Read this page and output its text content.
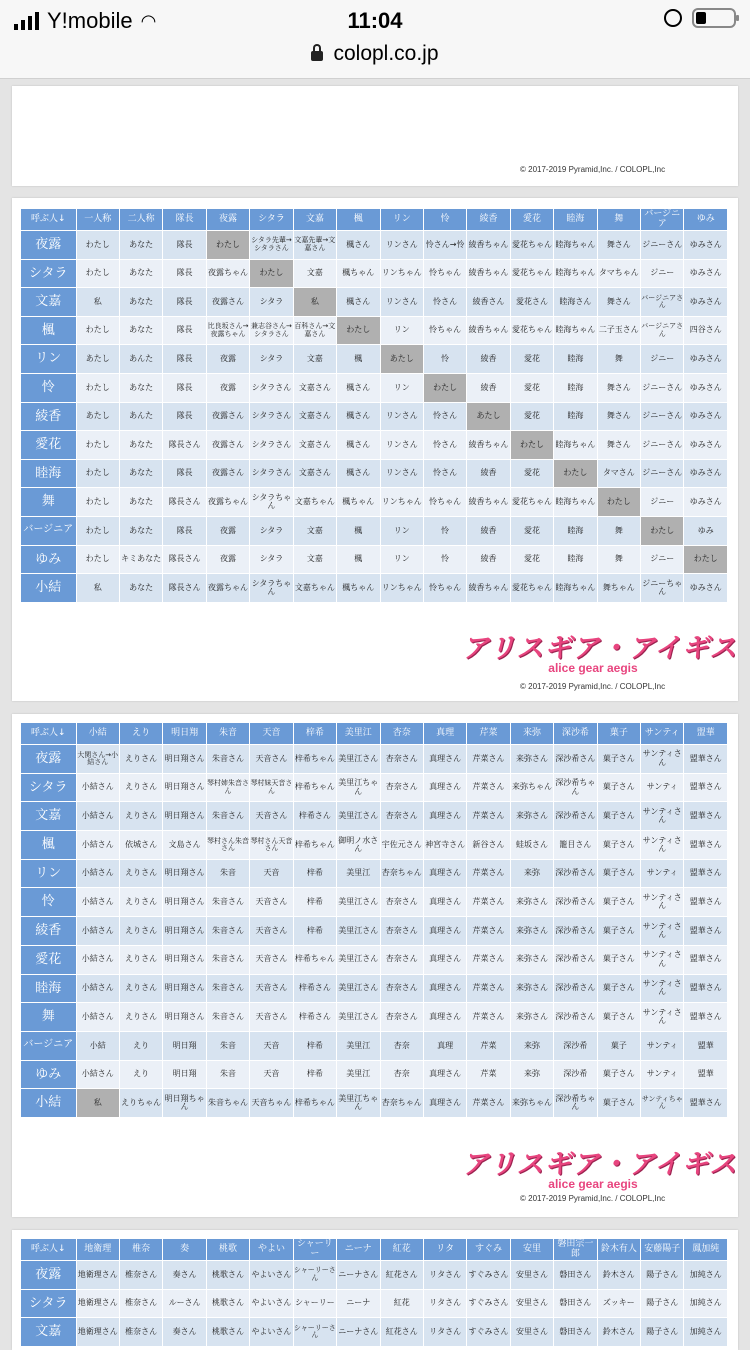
Y!mobile ◠	11:04
colopl.co.jp
© 2017-2019 Pyramid,Inc. / COLOPL,Inc
呼ぶ人↓	一人称	二人称	隊長	夜露	シタラ	文嘉	楓	リン	怜	綾香	愛花	睦海	舞	バージニア	ゆみ
夜露	わたし	あなた	隊長	わたし	シタラ先輩→シタラさん	文嘉先輩→文嘉さん	楓さん	リンさん	怜さん→怜	綾香ちゃん	愛花ちゃん	睦海ちゃん	舞さん	ジニーさん	ゆみさん
シタラ	わたし	あなた	隊長	夜露ちゃん	わたし	文嘉	楓ちゃん	リンちゃん	怜ちゃん	綾香ちゃん	愛花ちゃん	睦海ちゃん	タマちゃん	ジニー	ゆみさん
文嘉	私	あなた	隊長	夜露さん	シタラ	私	楓さん	リンさん	怜さん	綾香さん	愛花さん	睦海さん	舞さん	バージニアさん	ゆみさん
楓	わたし	あなた	隊長	比良坂さん→夜露ちゃん	兼志谷さん→シタラさん	百科さん→文嘉さん	わたし	リン	怜ちゃん	綾香ちゃん	愛花ちゃん	睦海ちゃん	二子玉さん	バージニアさん	四谷さん
リン	あたし	あんた	隊長	夜露	シタラ	文嘉	楓	あたし	怜	綾香	愛花	睦海	舞	ジニー	ゆみさん
怜	わたし	あなた	隊長	夜露	シタラさん	文嘉さん	楓さん	リン	わたし	綾香	愛花	睦海	舞さん	ジニーさん	ゆみさん
綾香	あたし	あんた	隊長	夜露さん	シタラさん	文嘉さん	楓さん	リンさん	怜さん	あたし	愛花	睦海	舞さん	ジニーさん	ゆみさん
愛花	わたし	あなた	隊長さん	夜露さん	シタラさん	文嘉さん	楓さん	リンさん	怜さん	綾香ちゃん	わたし	睦海ちゃん	舞さん	ジニーさん	ゆみさん
睦海	わたし	あなた	隊長	夜露さん	シタラさん	文嘉さん	楓さん	リンさん	怜さん	綾香	愛花	わたし	タマさん	ジニーさん	ゆみさん
舞	わたし	あなた	隊長さん	夜露ちゃん	シタラちゃん	文嘉ちゃん	楓ちゃん	リンちゃん	怜ちゃん	綾香ちゃん	愛花ちゃん	睦海ちゃん	わたし	ジニー	ゆみさん
バージニア	わたし	あなた	隊長	夜露	シタラ	文嘉	楓	リン	怜	綾香	愛花	睦海	舞	わたし	ゆみ
ゆみ	わたし	キミあなた	隊長さん	夜露	シタラ	文嘉	楓	リン	怜	綾香	愛花	睦海	舞	ジニー	わたし
小結	私	あなた	隊長さん	夜露ちゃん	シタラちゃん	文嘉ちゃん	楓ちゃん	リンちゃん	怜ちゃん	綾香ちゃん	愛花ちゃん	睦海ちゃん	舞ちゃん	ジニーちゃん	ゆみさん
アリスギア・アイギス
alice gear aegis
© 2017-2019 Pyramid,Inc. / COLOPL,Inc
呼ぶ人↓	小結	えり	明日翔	朱音	天音	梓希	美里江	杏奈	真理	芹菜	来弥	深沙希	菓子	サンティ	盟華
夜露	大関さん→小結さん	えりさん	明日翔さん	朱音さん	天音さん	梓希ちゃん	美里江さん	杏奈さん	真理さん	芹菜さん	来弥さん	深沙希さん	菓子さん	サンティさん	盟華さん
シタラ	小結さん	えりさん	明日翔さん	琴村姉朱音さん	琴村妹天音さん	梓希ちゃん	美里江ちゃん	杏奈さん	真理さん	芹菜さん	来弥ちゃん	深沙希ちゃん	菓子さん	サンティ	盟華さん
文嘉	小結さん	えりさん	明日翔さん	朱音さん	天音さん	梓希さん	美里江さん	杏奈さん	真理さん	芹菜さん	来弥さん	深沙希さん	菓子さん	サンティさん	盟華さん
楓	小結さん	依城さん	文島さん	琴村さん朱音さん	琴村さん天音さん	梓希ちゃん	御明ノ水さん	宇佐元さん	神宮寺さん	新谷さん	蛙坂さん	籠目さん	菓子さん	サンティさん	盟華さん
リン	小結さん	えりさん	明日翔さん	朱音	天音	梓希	美里江	杏奈ちゃん	真理さん	芹菜さん	来弥	深沙希さん	菓子さん	サンティ	盟華さん
怜	小結さん	えりさん	明日翔さん	朱音さん	天音さん	梓希	美里江さん	杏奈さん	真理さん	芹菜さん	来弥さん	深沙希さん	菓子さん	サンティさん	盟華さん
綾香	小結さん	えりさん	明日翔さん	朱音さん	天音さん	梓希	美里江さん	杏奈さん	真理さん	芹菜さん	来弥さん	深沙希さん	菓子さん	サンティさん	盟華さん
愛花	小結さん	えりさん	明日翔さん	朱音さん	天音さん	梓希ちゃん	美里江さん	杏奈さん	真理さん	芹菜さん	来弥さん	深沙希さん	菓子さん	サンティさん	盟華さん
睦海	小結さん	えりさん	明日翔さん	朱音さん	天音さん	梓希さん	美里江さん	杏奈さん	真理さん	芹菜さん	来弥さん	深沙希さん	菓子さん	サンティさん	盟華さん
舞	小結さん	えりさん	明日翔さん	朱音さん	天音さん	梓希さん	美里江さん	杏奈さん	真理さん	芹菜さん	来弥さん	深沙希さん	菓子さん	サンティさん	盟華さん
バージニア	小結	えり	明日翔	朱音	天音	梓希	美里江	杏奈	真理	芹菜	来弥	深沙希	菓子	サンティ	盟華
ゆみ	小結さん	えり	明日翔	朱音	天音	梓希	美里江	杏奈	真理さん	芹菜	来弥	深沙希	菓子さん	サンティ	盟華
小結	私	えりちゃん	明日翔ちゃん	朱音ちゃん	天音ちゃん	梓希ちゃん	美里江ちゃん	杏奈ちゃん	真理さん	芹菜さん	来弥ちゃん	深沙希ちゃん	菓子さん	サンティちゃん	盟華さん
アリスギア・アイギス
alice gear aegis
© 2017-2019 Pyramid,Inc. / COLOPL,Inc
呼ぶ人↓	地衛理	椎奈	奏	桃歌	やよい	シャーリー	ニーナ	紅花	リタ	すぐみ	安里	磐田宗一郎	鈴木有人	安藤陽子	鳳加純
夜露	地衛理さん	椎奈さん	奏さん	桃歌さん	やよいさん	シャーリーさん	ニーナさん	紅花さん	リタさん	すぐみさん	安里さん	磐田さん	鈴木さん	陽子さん	加純さん
シタラ	地衛理さん	椎奈さん	ルーさん	桃歌さん	やよいさん	シャーリー	ニーナ	紅花	リタさん	すぐみさん	安里さん	磐田さん	ズッキー	陽子さん	加純さん
文嘉	地衛理さん	椎奈さん	奏さん	桃歌さん	やよいさん	シャーリーさん	ニーナさん	紅花さん	リタさん	すぐみさん	安里さん	磐田さん	鈴木さん	陽子さん	加純さん
